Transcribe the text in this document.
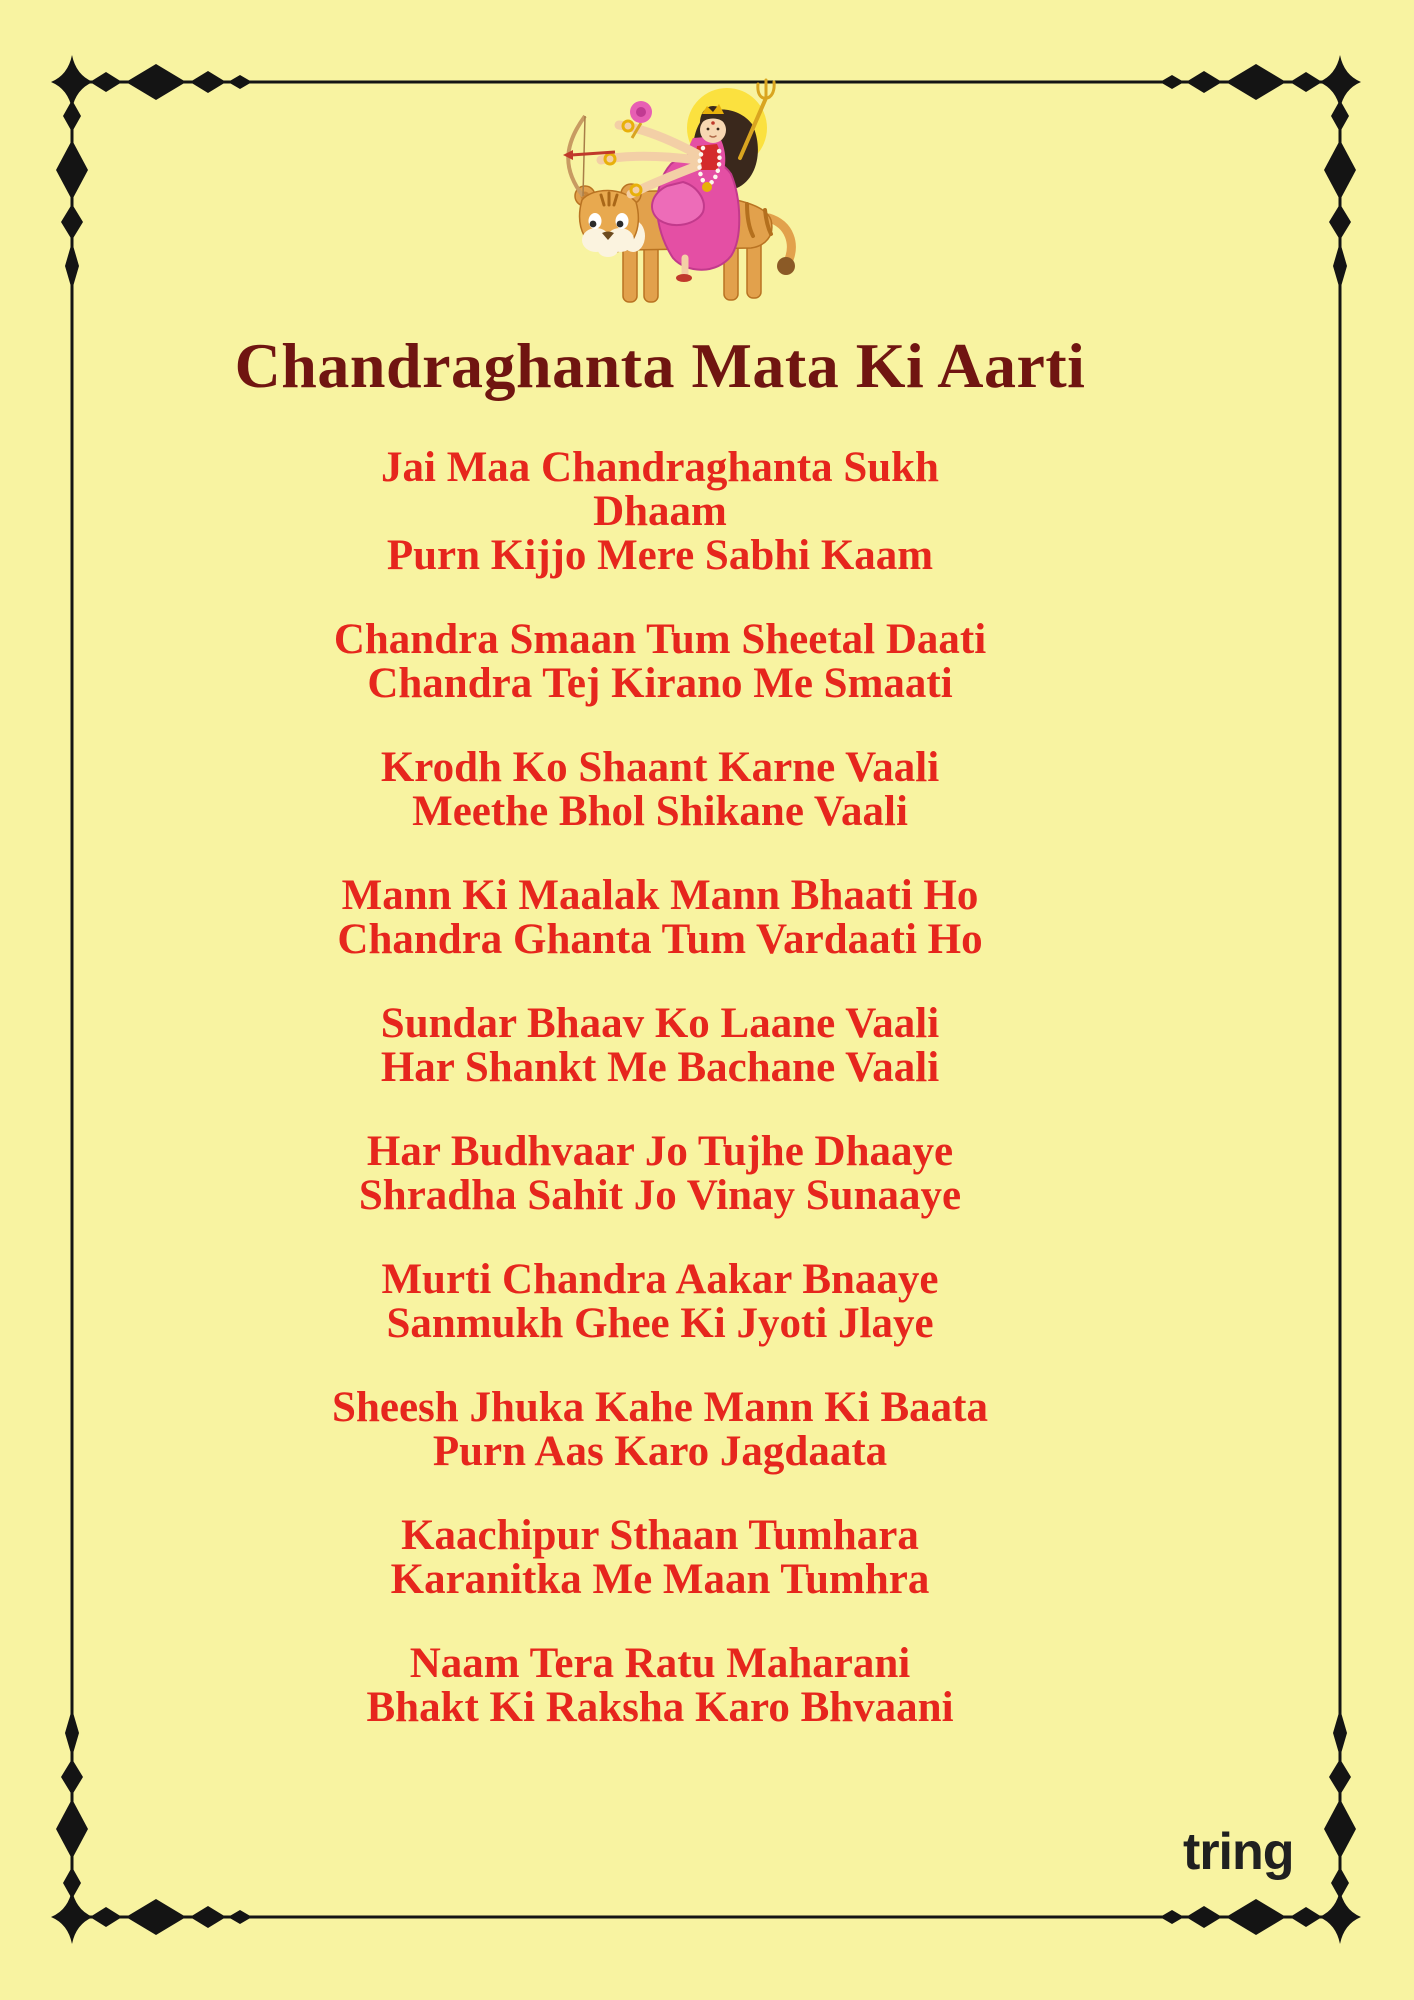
Chandraghanta Mata Ki Aarti

Jai Maa Chandraghanta Sukh

Dhaam

Purn Kijjo Mere Sabhi Kaam

Chandra Smaan Tum Sheetal Daati

Chandra Tej Kirano Me Smaati

Krodh Ko Shaant Karne Vaali

Meethe Bhol Shikane Vaali

Mann Ki Maalak Mann Bhaati Ho

Chandra Ghanta Tum Vardaati Ho

Sundar Bhaav Ko Laane Vaali

Har Shankt Me Bachane Vaali

Har Budhvaar Jo Tujhe Dhaaye

Shradha Sahit Jo Vinay Sunaaye

Murti Chandra Aakar Bnaaye

Sanmukh Ghee Ki Jyoti Jlaye

Sheesh Jhuka Kahe Mann Ki Baata

Purn Aas Karo Jagdaata

Kaachipur Sthaan Tumhara

Karanitka Me Maan Tumhra

Naam Tera Ratu Maharani

Bhakt Ki Raksha Karo Bhvaani

tring
